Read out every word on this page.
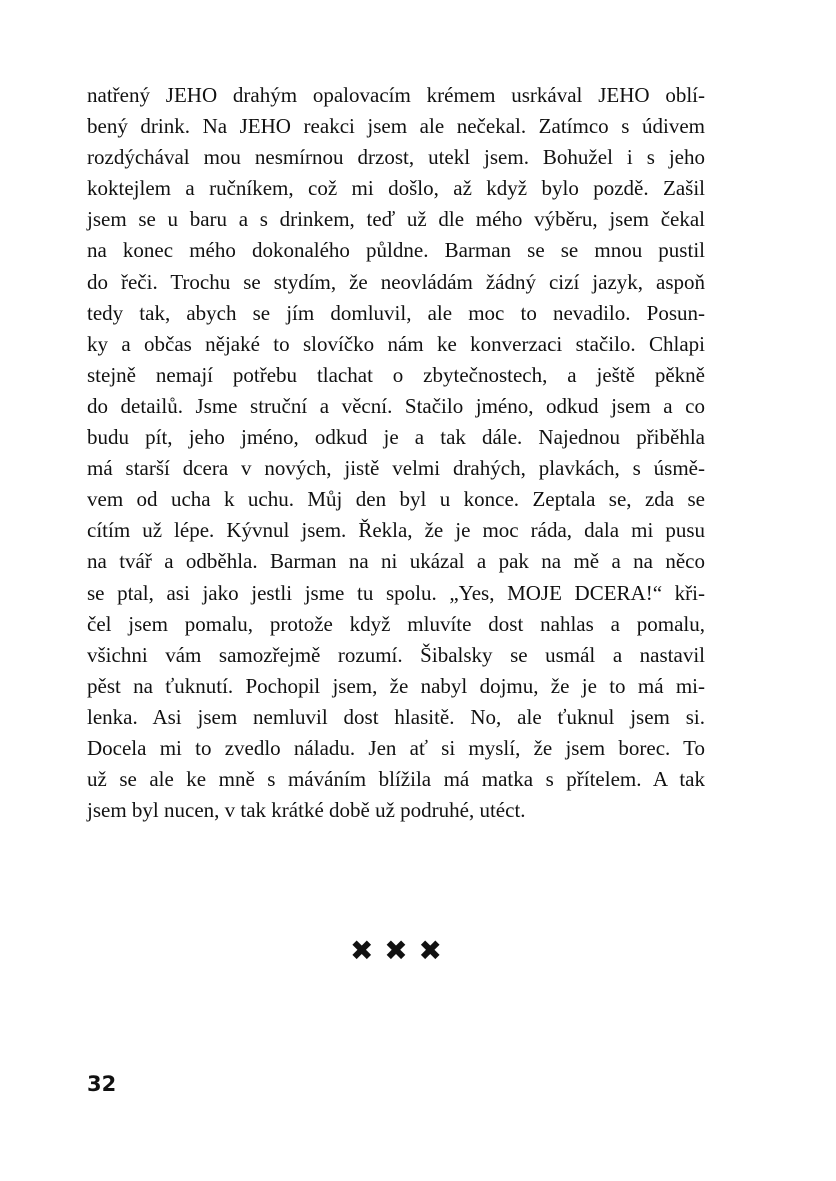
natřený JEHO drahým opalovacím krémem usrkával JEHO oblí-
bený drink. Na JEHO reakci jsem ale nečekal. Zatímco s údivem
rozdýchával mou nesmírnou drzost, utekl jsem. Bohužel i s jeho
koktejlem a ručníkem, což mi došlo, až když bylo pozdě. Zašil
jsem se u baru a s drinkem, teď už dle mého výběru, jsem čekal
na konec mého dokonalého půldne. Barman se se mnou pustil
do řeči. Trochu se stydím, že neovládám žádný cizí jazyk, aspoň
tedy tak, abych se jím domluvil, ale moc to nevadilo. Posun-
ky a občas nějaké to slovíčko nám ke konverzaci stačilo. Chlapi
stejně nemají potřebu tlachat o zbytečnostech, a ještě pěkně
do detailů. Jsme struční a věcní. Stačilo jméno, odkud jsem a co
budu pít, jeho jméno, odkud je a tak dále. Najednou přiběhla
má starší dcera v nových, jistě velmi drahých, plavkách, s úsmě-
vem od ucha k uchu. Můj den byl u konce. Zeptala se, zda se
cítím už lépe. Kývnul jsem. Řekla, že je moc ráda, dala mi pusu
na tvář a odběhla. Barman na ni ukázal a pak na mě a na něco
se ptal, asi jako jestli jsme tu spolu. „Yes, MOJE DCERA!“ kři-
čel jsem pomalu, protože když mluvíte dost nahlas a pomalu,
všichni vám samozřejmě rozumí. Šibalsky se usmál a nastavil
pěst na ťuknutí. Pochopil jsem, že nabyl dojmu, že je to má mi-
lenka. Asi jsem nemluvil dost hlasitě. No, ale ťuknul jsem si.
Docela mi to zvedlo náladu. Jen ať si myslí, že jsem borec. To
už se ale ke mně s máváním blížila má matka s přítelem. A tak
jsem byl nucen, v tak krátké době už podruhé, utéct.
✖ ✖ ✖
32
